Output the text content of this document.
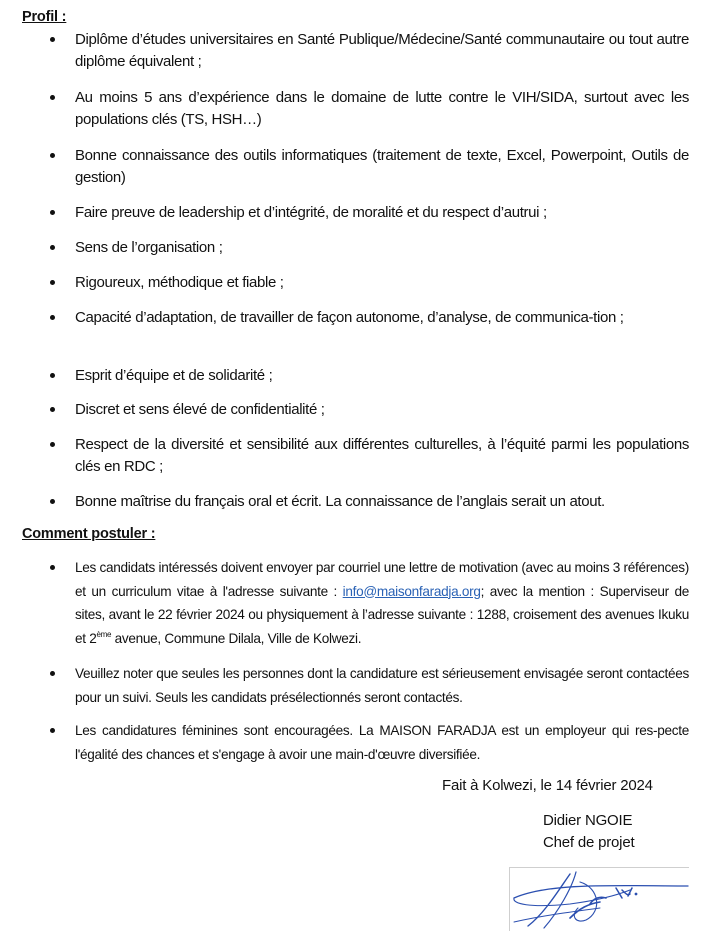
Profil :
Diplôme d’études universitaires en Santé Publique/Médecine/Santé communautaire ou tout autre diplôme équivalent ;
Au moins 5 ans d’expérience dans le domaine de lutte contre le VIH/SIDA, surtout avec les populations clés (TS, HSH…)
Bonne connaissance des outils informatiques (traitement de texte, Excel, Powerpoint, Outils de gestion)
Faire preuve de leadership et d’intégrité, de moralité et du respect d’autrui ;
Sens de l’organisation ;
Rigoureux, méthodique et fiable ;
Capacité d’adaptation, de travailler de façon autonome, d’analyse, de communica-tion ;
Esprit d’équipe et de solidarité ;
Discret et sens élevé de confidentialité ;
Respect de la diversité et sensibilité aux différentes culturelles, à l’équité parmi les populations clés en RDC ;
Bonne maîtrise du français oral et écrit. La connaissance de l’anglais serait un atout.
Comment postuler :
Les candidats intéressés doivent envoyer par courriel une lettre de motivation (avec au moins 3 références) et un curriculum vitae à l'adresse suivante : info@maisonfaradja.org; avec la mention : Superviseur de sites, avant le 22 février 2024 ou physiquement à l’adresse suivante : 1288, croisement des avenues Ikuku et 2ème avenue, Commune Dilala, Ville de Kolwezi.
Veuillez noter que seules les personnes dont la candidature est sérieusement envisagée seront contactées pour un suivi. Seuls les candidats présélectionnés seront contactés.
Les candidatures féminines sont encouragées. La MAISON FARADJA est un employeur qui res-pecte l'égalité des chances et s'engage à avoir une main-d'œuvre diversifiée.
Fait à Kolwezi, le 14 février 2024
Didier NGOIE
Chef de projet
